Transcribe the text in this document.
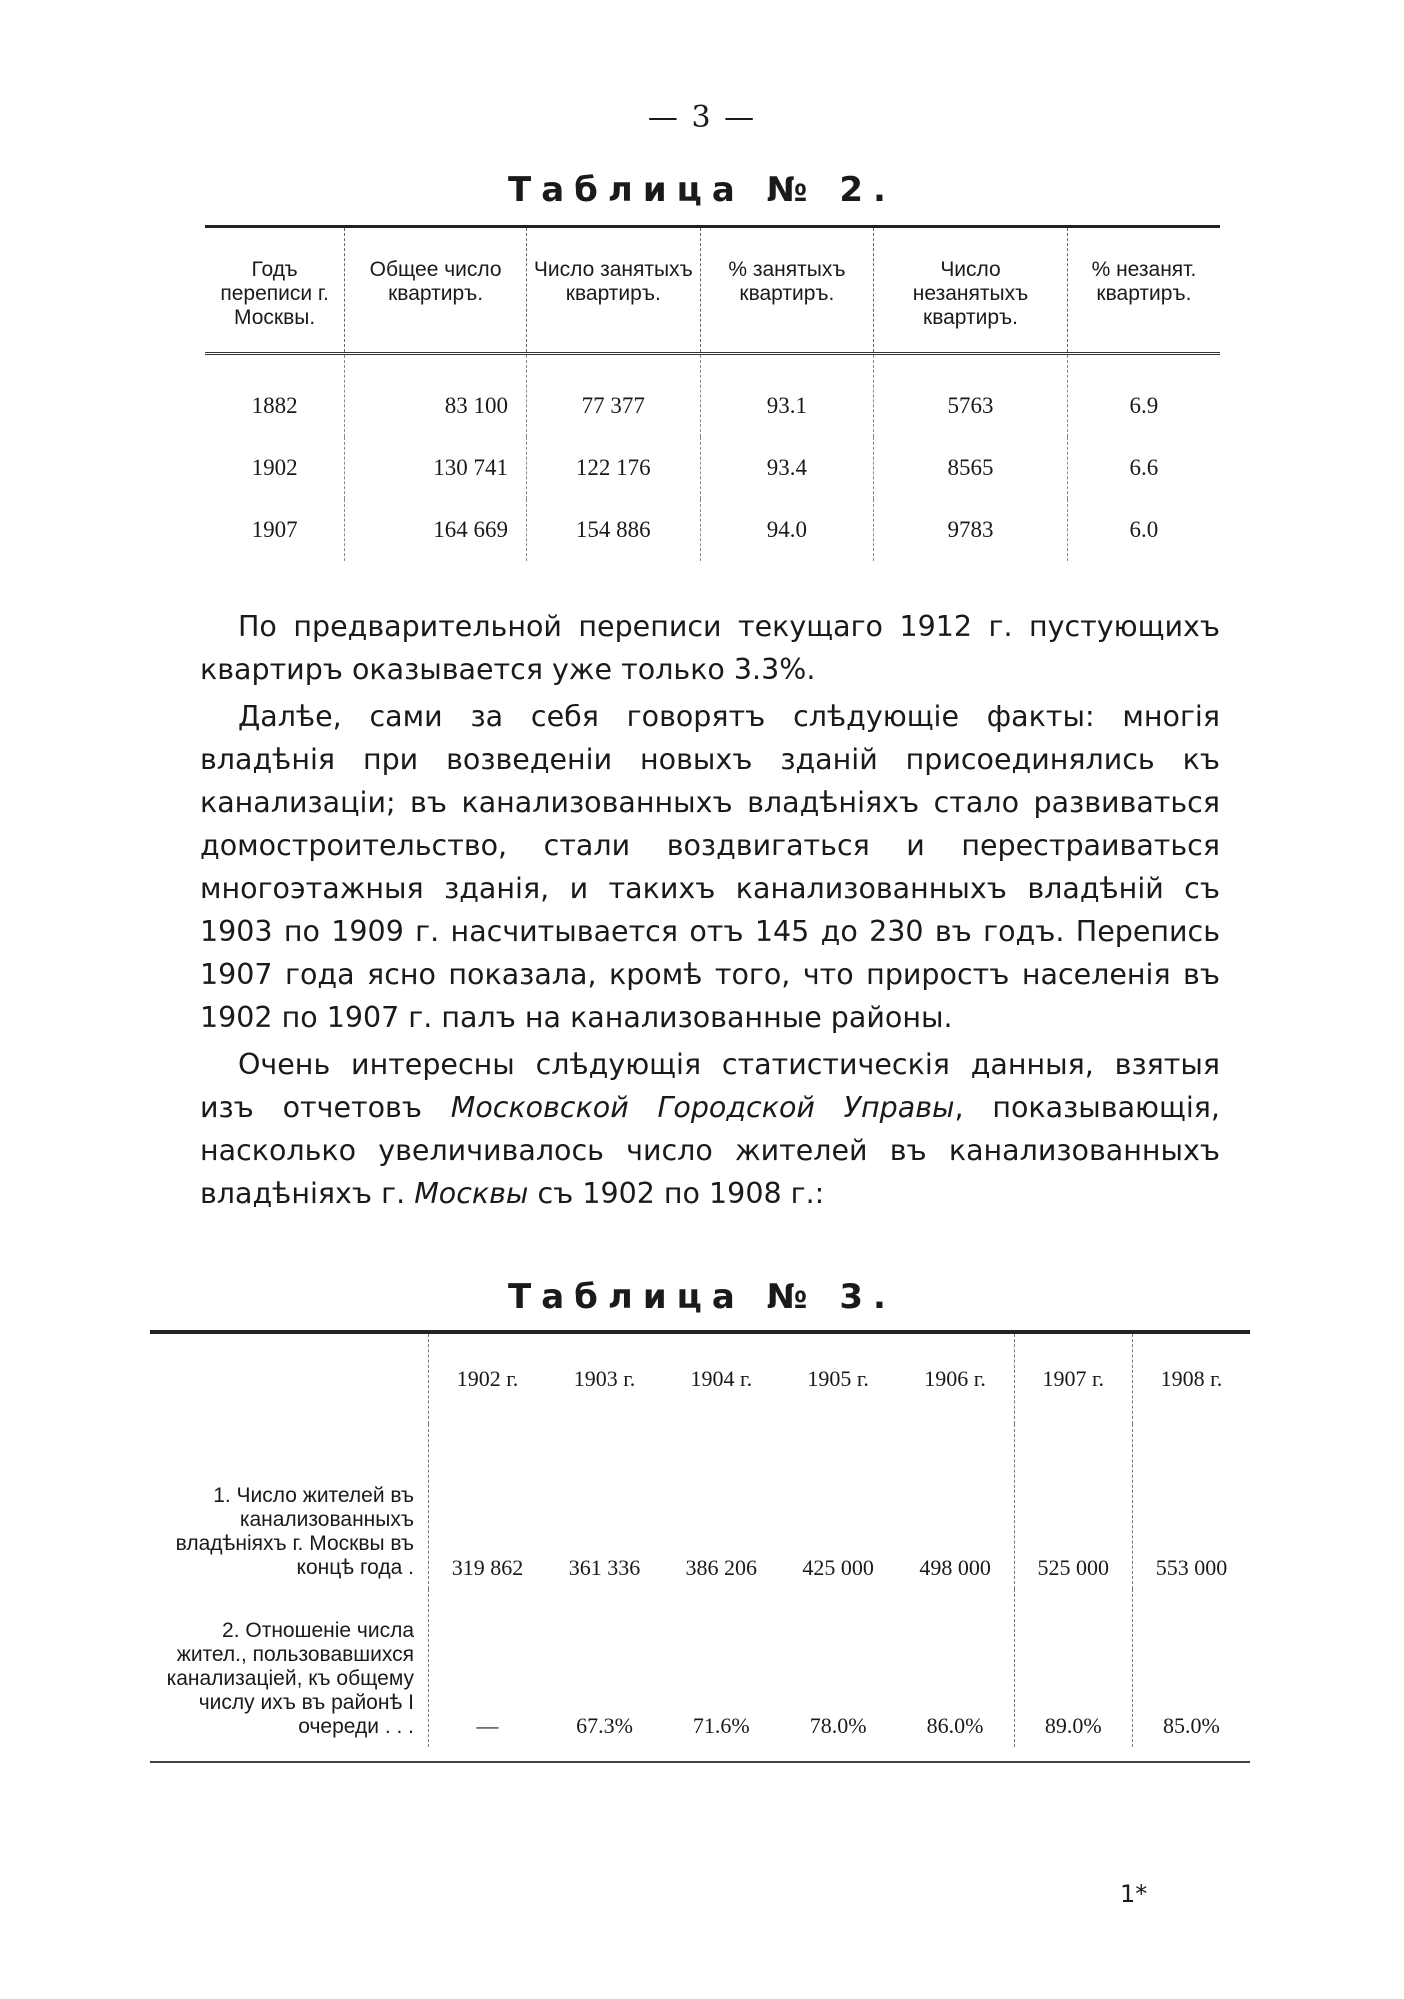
— 3 —
Таблица № 2.
Годъ переписи г. Москвы.	Общее число квартиръ.	Число занятыхъ квартиръ.	% занятыхъ квартиръ.	Число незанятыхъ квартиръ.	% незанят. квартиръ.
1882	83 100	77 377	93.1	5763	6.9
1902	130 741	122 176	93.4	8565	6.6
1907	164 669	154 886	94.0	9783	6.0

По предварительной переписи текущаго 1912 г. пустующихъ квартиръ оказывается уже только 3.3%.

Далѣе, сами за себя говорятъ слѣдующіе факты: многія владѣнія при возведеніи новыхъ зданій присоединялись къ канализаціи; въ канализованныхъ владѣніяхъ стало развиваться домостроительство, стали воздвигаться и перестраиваться многоэтажныя зданія, и такихъ канализованныхъ владѣній съ 1903 по 1909 г. насчитывается отъ 145 до 230 въ годъ. Перепись 1907 года ясно показала, кромѣ того, что приростъ населенія въ 1902 по 1907 г. палъ на канализованные районы.

Очень интересны слѣдующія статистическія данныя, взятыя изъ отчетовъ Московской Городской Управы, показывающія, насколько увеличивалось число жителей въ канализованныхъ владѣніяхъ г. Москвы съ 1902 по 1908 г.:

Таблица № 3.
	1902 г.	1903 г.	1904 г.	1905 г.	1906 г.	1907 г.	1908 г.
1. Число жителей въ канализованныхъ владѣніяхъ г. Москвы въ концѣ года .	319 862	361 336	386 206	425 000	498 000	525 000	553 000
2. Отношеніе числа жител., пользовавшихся канализаціей, къ общему числу ихъ въ районѣ I очереди . . .	—	67.3%	71.6%	78.0%	86.0%	89.0%	85.0%

1*
